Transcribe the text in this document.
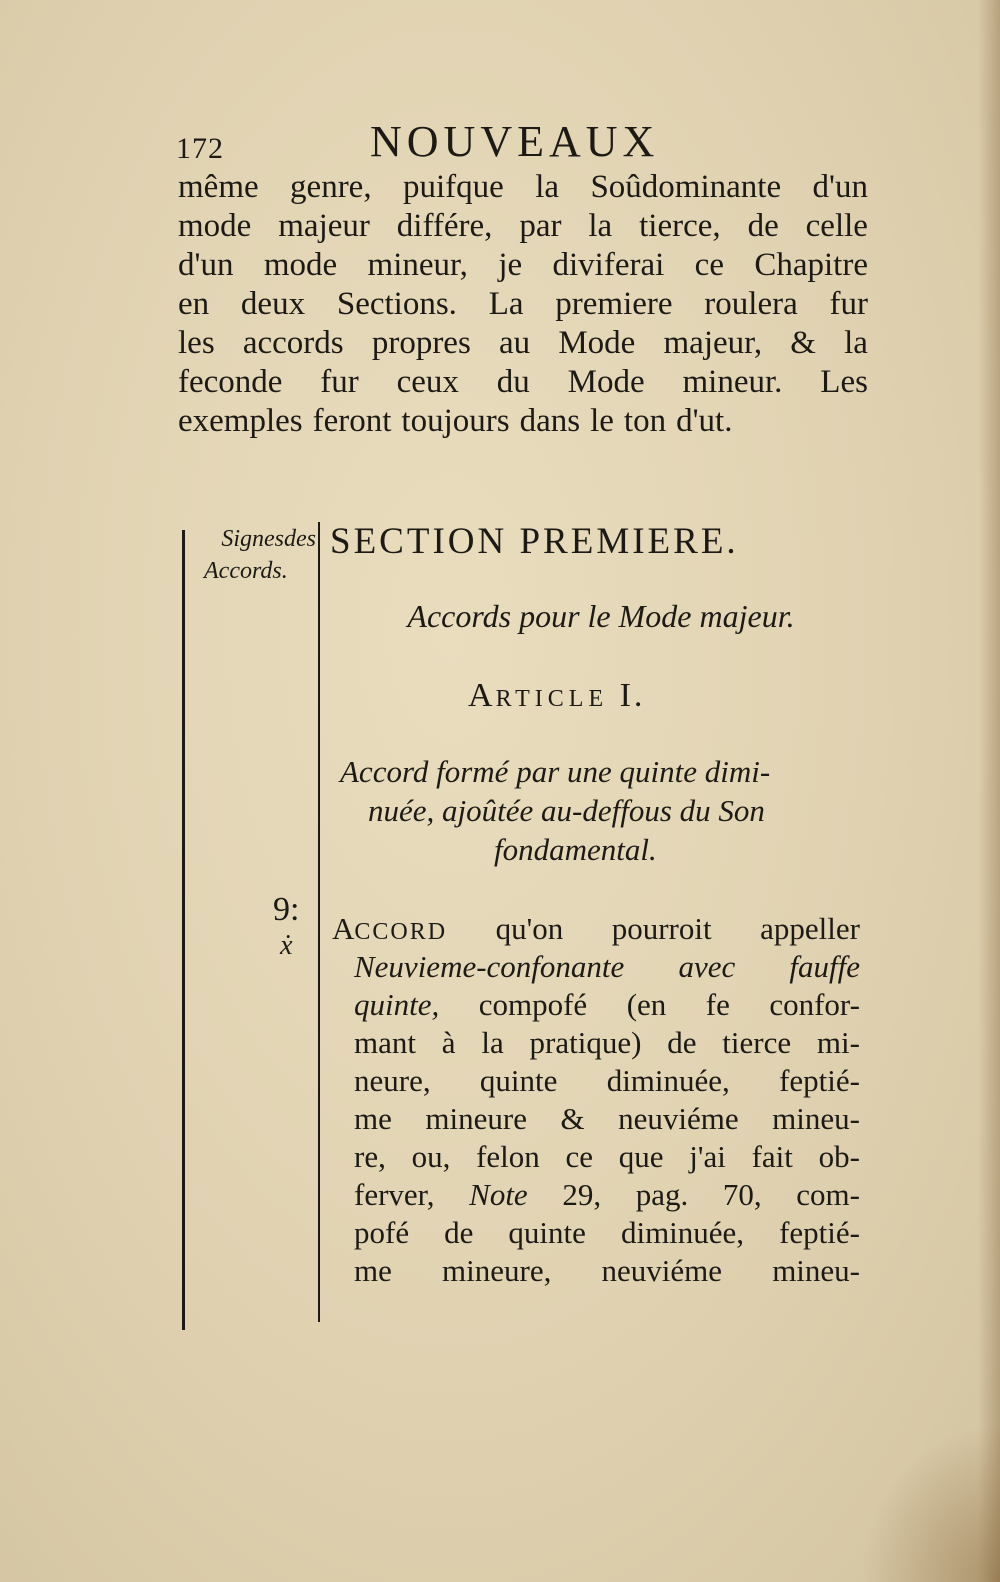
172	NOUVEAUX
même genre, puifque la Soûdominante d'un
mode majeur différe, par la tierce, de celle
d'un mode mineur, je diviferai ce Chapitre
en deux Sections. La premiere roulera fur
les accords propres au Mode majeur, & la
feconde fur ceux du Mode mineur. Les
exemples feront toujours dans le ton d'ut.
Signesdes
Accords.
9:
ẋ
SECTION PREMIERE.
Accords pour le Mode majeur.
ARTICLE I.
Accord formé par une quinte dimi-
nuée, ajoûtée au-deffous du Son
fondamental.
ACCORD qu'on pourroit appeller
Neuvieme-confonante avec fauffe
quinte, compofé (en fe confor-
mant à la pratique) de tierce mi-
neure, quinte diminuée, feptié-
me mineure & neuviéme mineu-
re, ou, felon ce que j'ai fait ob-
ferver, Note 29, pag. 70, com-
pofé de quinte diminuée, feptié-
me mineure, neuviéme mineu-
